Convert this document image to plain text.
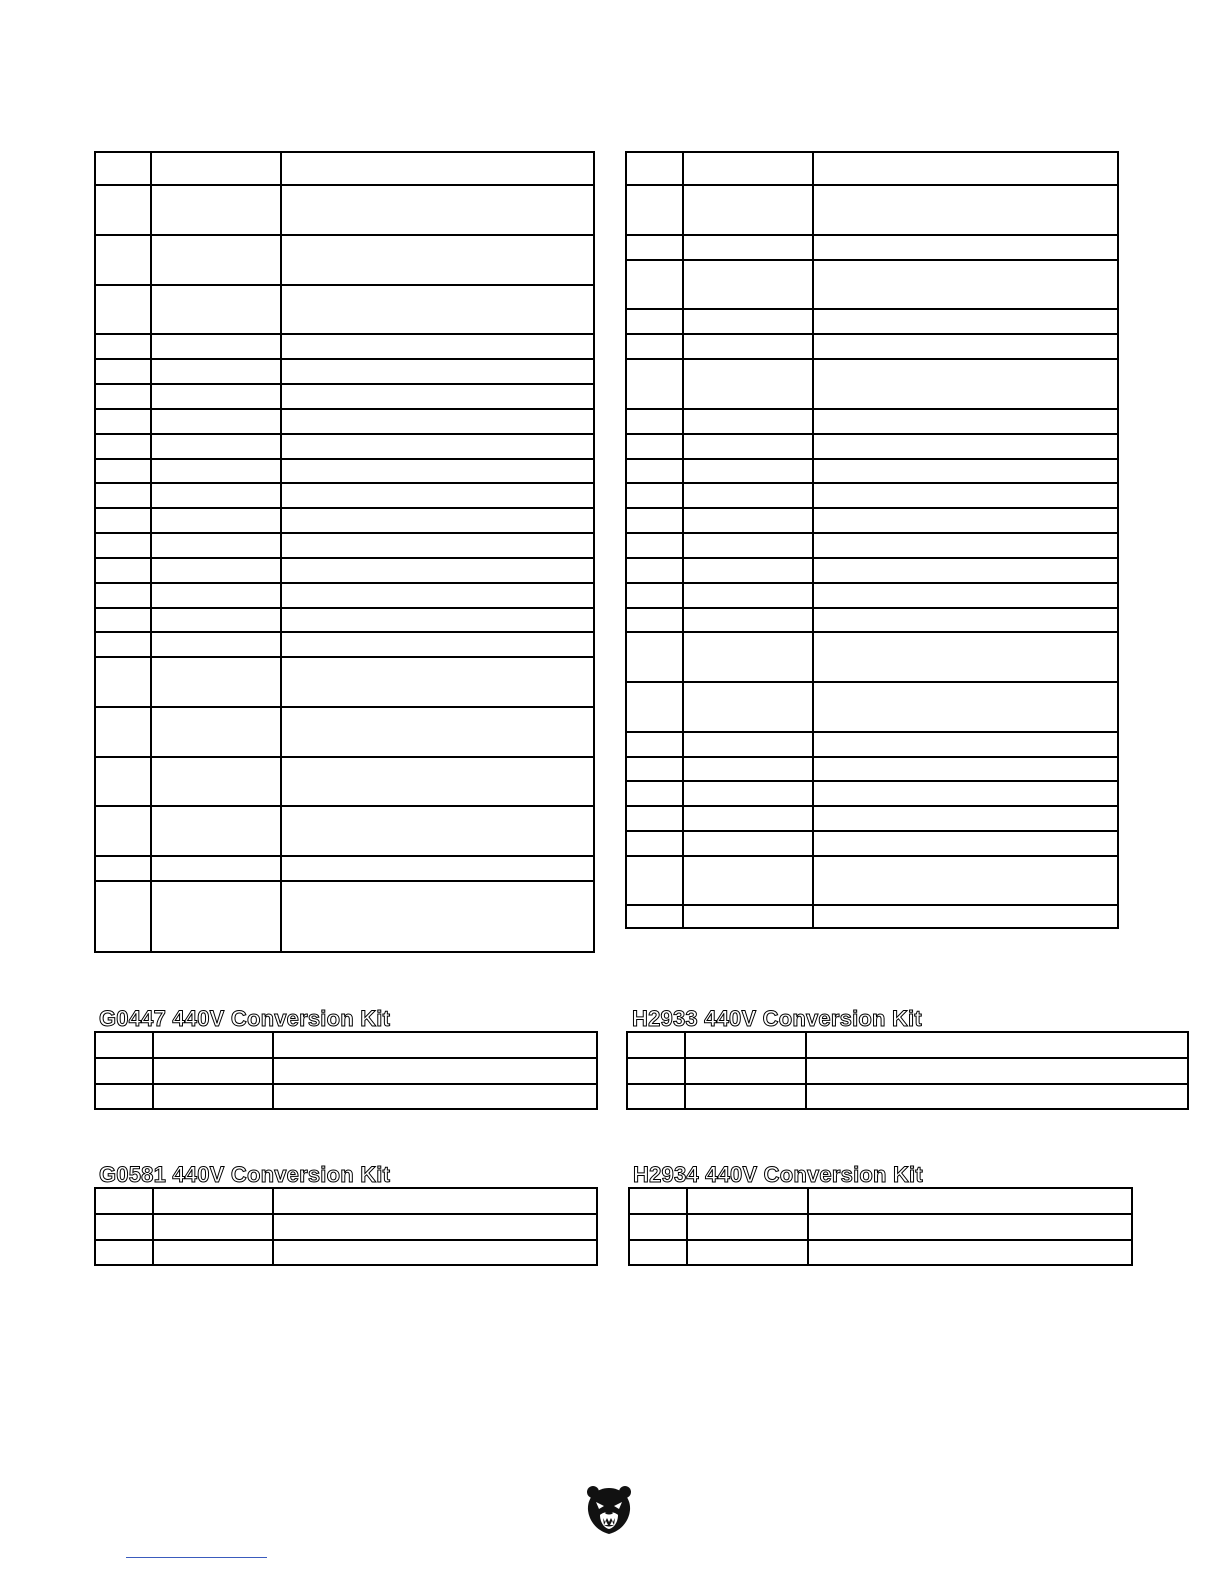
G0447 440V Conversion Kit	H2933 440V Conversion Kit
G0581 440V Conversion Kit	H2934 440V Conversion Kit
